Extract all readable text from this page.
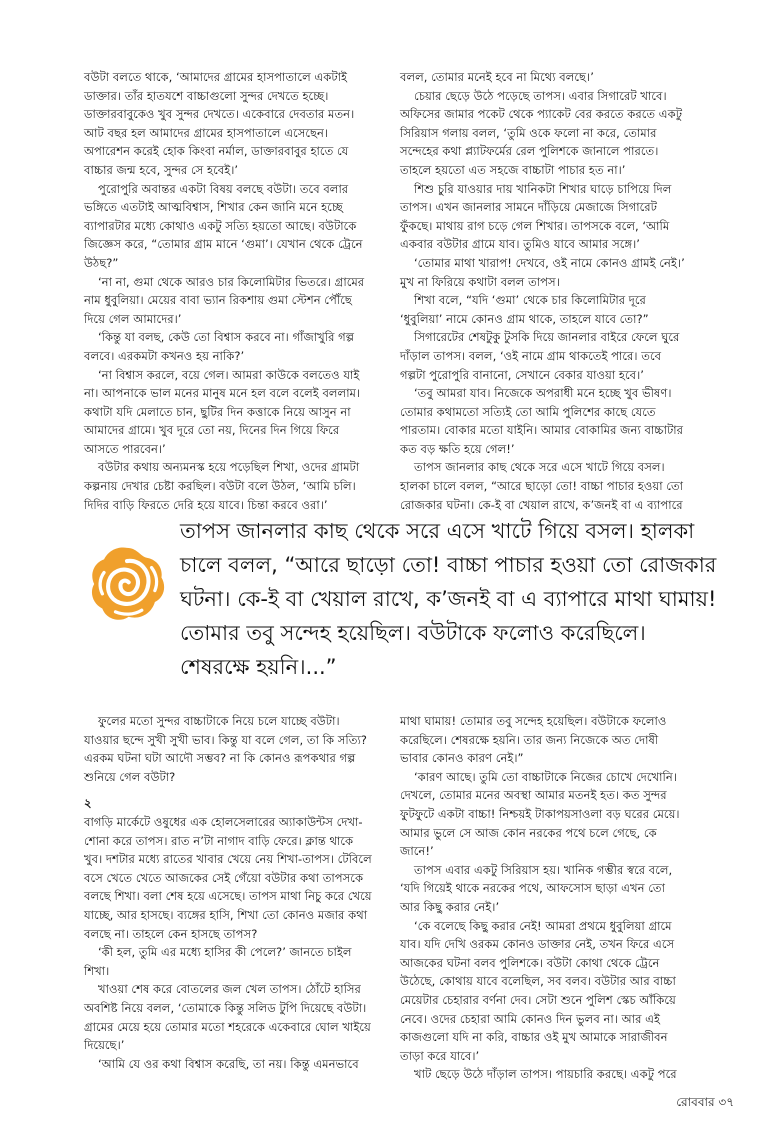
বউটা বলতে থাকে, ‘আমাদের গ্রামের হাসপাতালে একটাই ডাক্তার। তাঁর হাতযশে বাচ্চাগুলো সুন্দর দেখতে হচ্ছে। ডাক্তারবাবুকেও খুব সুন্দর দেখতে। একেবারে দেবতার মতন। আট বছর হল আমাদের গ্রামের হাসপাতালে এসেছেন। অপারেশন করেই হোক কিংবা নর্মাল, ডাক্তারবাবুর হাতে যে বাচ্চার জন্ম হবে, সুন্দর সে হবেই।’

পুরোপুরি অবান্তর একটা বিষয় বলছে বউটা। তবে বলার ভঙ্গিতে এতটাই আত্মবিশ্বাস, শিখার কেন জানি মনে হচ্ছে ব্যাপারটার মধ্যে কোথাও একটু সত্যি হয়তো আছে। বউটাকে জিজ্ঞেস করে, “তোমার গ্রাম মানে ‘গুমা’। যেখান থেকে ট্রেনে উঠছ?”

‘না না, গুমা থেকে আরও চার কিলোমিটার ভিতরে। গ্রামের নাম ধুবুলিয়া। মেয়ের বাবা ভ্যান রিকশায় গুমা স্টেশন পৌঁছে দিয়ে গেল আমাদের।’

‘কিন্তু যা বলছ, কেউ তো বিশ্বাস করবে না। গাঁজাখুরি গল্প বলবে। এরকমটা কখনও হয় নাকি?’

‘না বিশ্বাস করলে, বয়ে গেল। আমরা কাউকে বলতেও যাই না। আপনাকে ভাল মনের মানুষ মনে হল বলে বলেই বললাম। কথাটা যদি মেলাতে চান, ছুটির দিন কত্তাকে নিয়ে আসুন না আমাদের গ্রামে। খুব দূরে তো নয়, দিনের দিন গিয়ে ফিরে আসতে পারবেন।’

বউটার কথায় অন্যমনস্ক হয়ে পড়েছিল শিখা, ওদের গ্রামটা কল্পনায় দেখার চেষ্টা করছিল। বউটা বলে উঠল, ‘আমি চলি। দিদির বাড়ি ফিরতে দেরি হয়ে যাবে। চিন্তা করবে ওরা।’

বলল, তোমার মনেই হবে না মিথ্যে বলছে।’

চেয়ার ছেড়ে উঠে পড়েছে তাপস। এবার সিগারেট খাবে। অফিসের জামার পকেট থেকে প্যাকেট বের করতে করতে একটু সিরিয়াস গলায় বলল, ‘তুমি ওকে ফলো না করে, তোমার সন্দেহের কথা প্ল্যাটফর্মের রেল পুলিশকে জানালে পারতে। তাহলে হয়তো এত সহজে বাচ্চাটা পাচার হত না।’

শিশু চুরি যাওয়ার দায় খানিকটা শিখার ঘাড়ে চাপিয়ে দিল তাপস। এখন জানলার সামনে দাঁড়িয়ে মেজাজে সিগারেট ফুঁকছে। মাথায় রাগ চড়ে গেল শিখার। তাপসকে বলে, ‘আমি একবার বউটার গ্রামে যাব। তুমিও যাবে আমার সঙ্গে।’

‘তোমার মাথা খারাপ! দেখবে, ওই নামে কোনও গ্রামই নেই।’ মুখ না ফিরিয়ে কথাটা বলল তাপস।

শিখা বলে, “যদি ‘গুমা’ থেকে চার কিলোমিটার দূরে ‘ধুবুলিয়া’ নামে কোনও গ্রাম থাকে, তাহলে যাবে তো?”

সিগারেটের শেষটুকু টুসকি দিয়ে জানলার বাইরে ফেলে ঘুরে দাঁড়াল তাপস। বলল, ‘ওই নামে গ্রাম থাকতেই পারে। তবে গল্পটা পুরোপুরি বানানো, সেখানে বেকার যাওয়া হবে।’

‘তবু আমরা যাব। নিজেকে অপরাধী মনে হচ্ছে খুব ভীষণ। তোমার কথামতো সত্যিই তো আমি পুলিশের কাছে যেতে পারতাম। বোকার মতো যাইনি। আমার বোকামির জন্য বাচ্চাটার কত বড় ক্ষতি হয়ে গেল!’

তাপস জানলার কাছ থেকে সরে এসে খাটে গিয়ে বসল। হালকা চালে বলল, “আরে ছাড়ো তো! বাচ্চা পাচার হওয়া তো রোজকার ঘটনা। কে-ই বা খেয়াল রাখে, ক’জনই বা এ ব্যাপারে

তাপস জানলার কাছ থেকে সরে এসে খাটে গিয়ে বসল। হালকা চালে বলল, “আরে ছাড়ো তো! বাচ্চা পাচার হওয়া তো রোজকার ঘটনা। কে-ই বা খেয়াল রাখে, ক’জনই বা এ ব্যাপারে মাথা ঘামায়! তোমার তবু সন্দেহ হয়েছিল। বউটাকে ফলোও করেছিলে। শেষরক্ষে হয়নি।...”

ফুলের মতো সুন্দর বাচ্চাটাকে নিয়ে চলে যাচ্ছে বউটা। যাওয়ার ছন্দে সুখী সুখী ভাব। কিন্তু যা বলে গেল, তা কি সত্যি? এরকম ঘটনা ঘটা আদৌ সম্ভব? না কি কোনও রূপকথার গল্প শুনিয়ে গেল বউটা?

২

বাগড়ি মার্কেটে ওষুধের এক হোলসেলারের অ্যাকাউন্টস দেখা-শোনা করে তাপস। রাত ন’টা নাগাদ বাড়ি ফেরে। ক্লান্ত থাকে খুব। দশটার মধ্যে রাতের খাবার খেয়ে নেয় শিখা-তাপস। টেবিলে বসে খেতে খেতে আজকের সেই গেঁয়ো বউটার কথা তাপসকে বলছে শিখা। বলা শেষ হয়ে এসেছে। তাপস মাথা নিচু করে খেয়ে যাচ্ছে, আর হাসছে। ব্যঙ্গের হাসি, শিখা তো কোনও মজার কথা বলছে না। তাহলে কেন হাসছে তাপস?

‘কী হল, তুমি এর মধ্যে হাসির কী পেলে?’ জানতে চাইল শিখা।

খাওয়া শেষ করে বোতলের জল খেল তাপস। ঠোঁটে হাসির অবশিষ্ট নিয়ে বলল, ‘তোমাকে কিন্তু সলিড টুপি দিয়েছে বউটা। গ্রামের মেয়ে হয়ে তোমার মতো শহরেকে একেবারে ঘোল খাইয়ে দিয়েছে।’

‘আমি যে ওর কথা বিশ্বাস করেছি, তা নয়। কিন্তু এমনভাবে

মাথা ঘামায়! তোমার তবু সন্দেহ হয়েছিল। বউটাকে ফলোও করেছিলে। শেষরক্ষে হয়নি। তার জন্য নিজেকে অত দোষী ভাবার কোনও কারণ নেই।”

‘কারণ আছে। তুমি তো বাচ্চাটাকে নিজের চোখে দেখোনি। দেখলে, তোমার মনের অবস্থা আমার মতনই হত। কত সুন্দর ফুটফুটে একটা বাচ্চা! নিশ্চয়ই টাকাপয়সাওলা বড় ঘরের মেয়ে। আমার ভুলে সে আজ কোন নরকের পথে চলে গেছে, কে জানে!’

তাপস এবার একটু সিরিয়াস হয়। খানিক গম্ভীর স্বরে বলে, ‘যদি গিয়েই থাকে নরকের পথে, আফসোস ছাড়া এখন তো আর কিছু করার নেই।’

‘কে বলেছে কিছু করার নেই! আমরা প্রথমে ধুবুলিয়া গ্রামে যাব। যদি দেখি ওরকম কোনও ডাক্তার নেই, তখন ফিরে এসে আজকের ঘটনা বলব পুলিশকে। বউটা কোথা থেকে ট্রেনে উঠেছে, কোথায় যাবে বলেছিল, সব বলব। বউটার আর বাচ্চা মেয়েটার চেহারার বর্ণনা দেব। সেটা শুনে পুলিশ স্কেচ আঁকিয়ে নেবে। ওদের চেহারা আমি কোনও দিন ভুলব না। আর এই কাজগুলো যদি না করি, বাচ্চার ওই মুখ আমাকে সারাজীবন তাড়া করে যাবে।’

খাট ছেড়ে উঠে দাঁড়াল তাপস। পায়চারি করছে। একটু পরে

রোববার ৩৭
